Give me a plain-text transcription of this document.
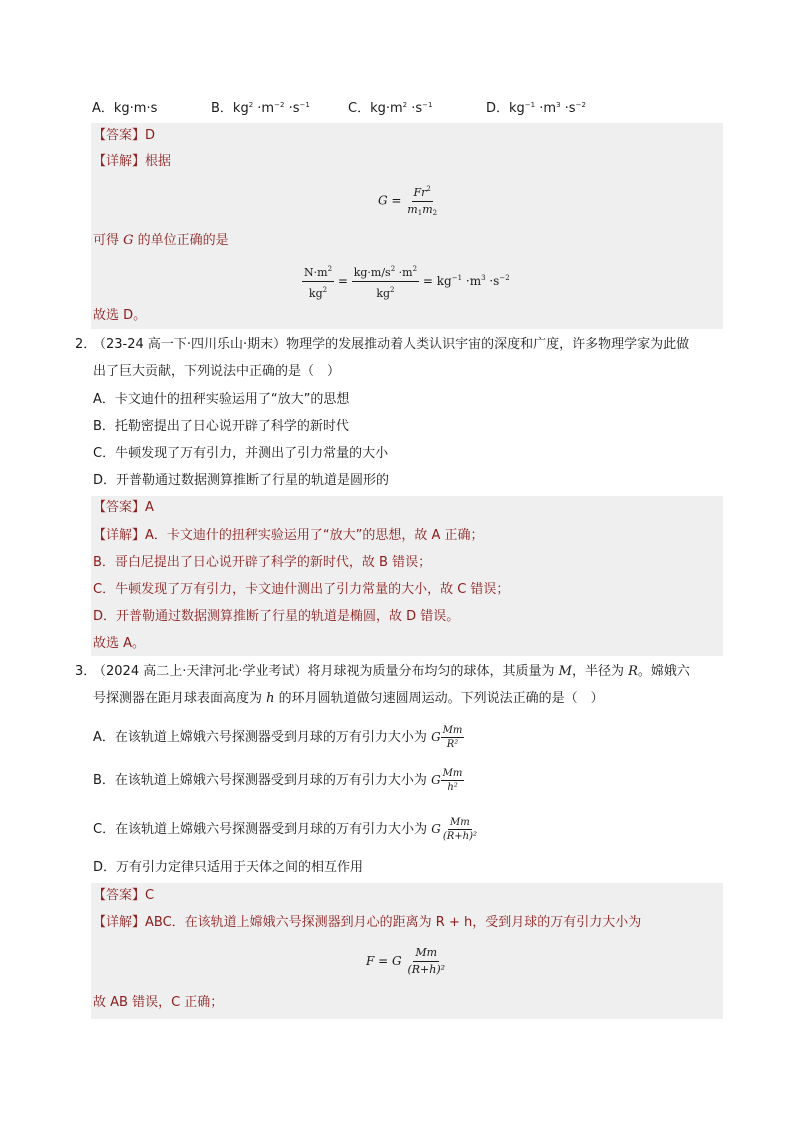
A．kg·m·s	B．$kg^2 \cdot m^{-2} \cdot s^{-1}$	C．$kg\cdot m^2 \cdot s^{-1}$	D．$kg^{-1} \cdot m^3 \cdot s^{-2}$
【答案】D
【详解】根据
$G = \frac{Fr^2}{m_1m_2}$
可得 G 的单位正确的是
$\frac{N\cdot m^2}{kg^2} = \frac{kg\cdot m/s^2 \cdot m^2}{kg^2} = kg^{-1} \cdot m^3 \cdot s^{-2}$
故选 D。
2．
（23-24 高一下·四川乐山·期末）物理学的发展推动着人类认识宇宙的深度和广度，许多物理学家为此做
出了巨大贡献，下列说法中正确的是（　）
A．卡文迪什的扭秤实验运用了“放大”的思想
B．托勒密提出了日心说开辟了科学的新时代
C．牛顿发现了万有引力，并测出了引力常量的大小
D．开普勒通过数据测算推断了行星的轨道是圆形的
【答案】A
【详解】A．卡文迪什的扭秤实验运用了“放大”的思想，故 A 正确；
B．哥白尼提出了日心说开辟了科学的新时代，故 B 错误；
C．牛顿发现了万有引力，卡文迪什测出了引力常量的大小，故 C 错误；
D．开普勒通过数据测算推断了行星的轨道是椭圆，故 D 错误。
故选 A。
3．
（2024 高二上·天津河北·学业考试）将月球视为质量分布均匀的球体，其质量为 M，半径为 R。嫦娥六
号探测器在距月球表面高度为 h 的环月圆轨道做匀速圆周运动。下列说法正确的是（　）
A．在该轨道上嫦娥六号探测器受到月球的万有引力大小为 G $\frac{Mm}{\text{R²}}$
B．在该轨道上嫦娥六号探测器受到月球的万有引力大小为 G $\frac{Mm}{\text{h²}}$
C．在该轨道上嫦娥六号探测器受到月球的万有引力大小为 G $\frac{Mm}{\text{(R+h)²}}$
D．万有引力定律只适用于天体之间的相互作用
【答案】C
【详解】ABC．在该轨道上嫦娥六号探测器到月心的距离为 R + h，受到月球的万有引力大小为
F = G $\frac{Mm}{\text{(R+h)²}}$
故 AB 错误，C 正确；
